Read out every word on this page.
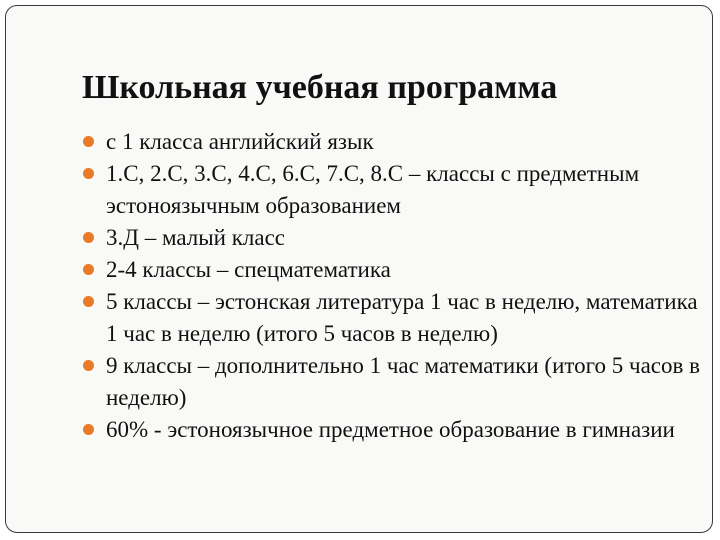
Школьная учебная программа
с 1 класса английский язык
1.С, 2.С, 3.С, 4.С, 6.С, 7.С, 8.С – классы с предметным эстоноязычным образованием
3.Д – малый класс
2-4 классы – спецматематика
5 классы – эстонская литература 1 час в неделю, математика 1 час в неделю (итого 5 часов в неделю)
9 классы – дополнительно 1 час математики (итого 5 часов в неделю)
60% - эстоноязычное предметное образование в гимназии
